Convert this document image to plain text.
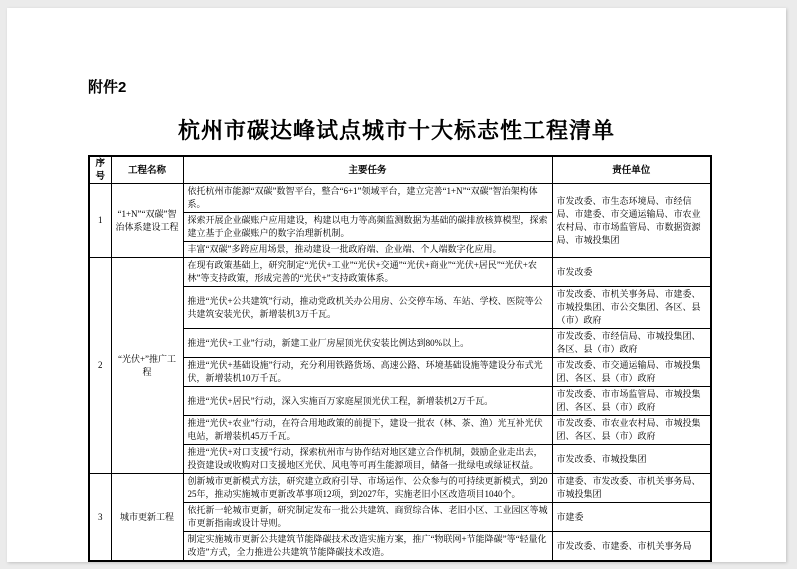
附件2
杭州市碳达峰试点城市十大标志性工程清单
序号	工程名称	主要任务	责任单位
1	“1+N”“双碳”智治体系建设工程	依托杭州市能源“双碳”数智平台，整合“6+1”领域平台，建立完善“1+N”“双碳”智治架构体系。	市发改委、市生态环境局、市经信局、市建委、市交通运输局、市农业农村局、市市场监管局、市数据资源局、市城投集团
		探索开展企业碳账户应用建设，构建以电力等高频监测数据为基础的碳排放核算模型，探索建立基于企业碳账户的数字治理新机制。	
		丰富“双碳”多跨应用场景，推动建设一批政府端、企业端、个人端数字化应用。	
2	“光伏+”推广工程	在现有政策基础上，研究制定“光伏+工业”“光伏+交通”“光伏+商业”“光伏+居民”“光伏+农林”等支持政策，形成完善的“光伏+”支持政策体系。	市发改委
		推进“光伏+公共建筑”行动，推动党政机关办公用房、公交停车场、车站、学校、医院等公共建筑安装光伏，新增装机3万千瓦。	市发改委、市机关事务局、市建委、市城投集团、市公交集团、各区、县（市）政府
		推进“光伏+工业”行动，新建工业厂房屋顶光伏安装比例达到80%以上。	市发改委、市经信局、市城投集团、各区、县（市）政府
		推进“光伏+基础设施”行动，充分利用铁路货场、高速公路、环境基础设施等建设分布式光伏，新增装机10万千瓦。	市发改委、市交通运输局、市城投集团、各区、县（市）政府
		推进“光伏+居民”行动，深入实施百万家庭屋顶光伏工程，新增装机2万千瓦。	市发改委、市市场监管局、市城投集团、各区、县（市）政府
		推进“光伏+农业”行动，在符合用地政策的前提下，建设一批农（林、茶、渔）光互补光伏电站，新增装机45万千瓦。	市发改委、市农业农村局、市城投集团、各区、县（市）政府
		推进“光伏+对口支援”行动，探索杭州市与协作结对地区建立合作机制，鼓励企业走出去，投资建设或收购对口支援地区光伏、风电等可再生能源项目，储备一批绿电或绿证权益。	市发改委、市城投集团
3	城市更新工程	创新城市更新模式方法，研究建立政府引导、市场运作、公众参与的可持续更新模式，到2025年，推动实施城市更新改革事项12项，到2027年，实施老旧小区改造项目1040个。	市建委、市发改委、市机关事务局、市城投集团
		依托新一轮城市更新，研究制定发布一批公共建筑、商贸综合体、老旧小区、工业园区等城市更新指南或设计导则。	市建委
		制定实施城市更新公共建筑节能降碳技术改造实施方案，推广“物联网+节能降碳”等“轻量化改造”方式，全力推进公共建筑节能降碳技术改造。	市发改委、市建委、市机关事务局
